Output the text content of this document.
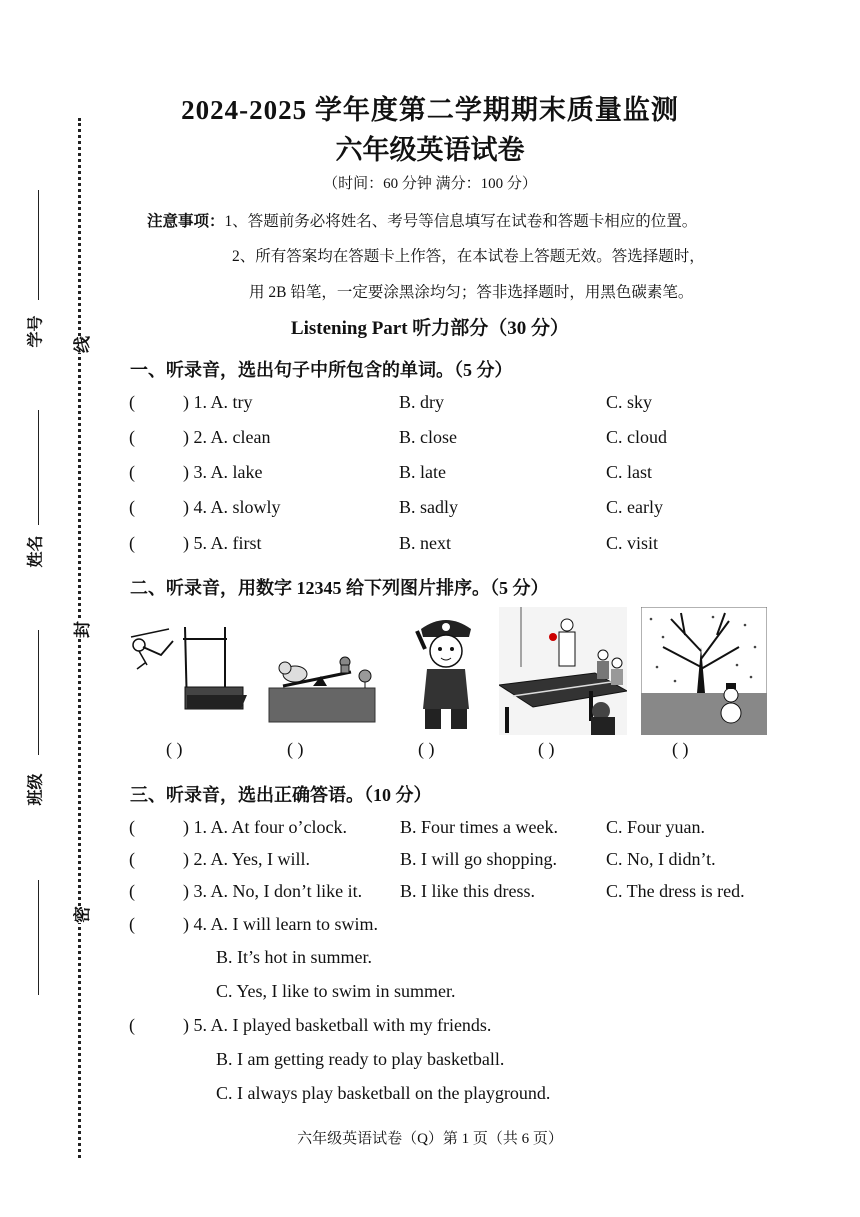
线
封
密
学号
姓名
班级
2024-2025 学年度第二学期期末质量监测
六年级英语试卷
（时间：60 分钟 满分：100 分）
注意事项：1、答题前务必将姓名、考号等信息填写在试卷和答题卡相应的位置。
2、所有答案均在答题卡上作答，在本试卷上答题无效。答选择题时，
用 2B 铅笔，一定要涂黑涂均匀；答非选择题时，用黑色碳素笔。
Listening Part 听力部分（30 分）
一、听录音，选出句子中所包含的单词。（5 分）
(	) 1. A. try	B. dry	C. sky
(	) 2. A. clean	B. close	C. cloud
(	) 3. A. lake	B. late	C. last
(	) 4. A. slowly	B. sadly	C. early
(	) 5. A. first	B. next	C. visit
二、听录音，用数字 12345 给下列图片排序。（5 分）
( )	( )	( )	( )	( )
三、听录音，选出正确答语。（10 分）
(	) 1. A. At four o’clock.	B. Four times a week.	C. Four yuan.
(	) 2. A. Yes, I will.	B. I will go shopping.	C. No, I didn’t.
(	) 3. A. No, I don’t like it. B. I like this dress.	C. The dress is red.
(	) 4. A. I will learn to swim.
B. It’s hot in summer.
C. Yes, I like to swim in summer.
(	) 5. A. I played basketball with my friends.
B. I am getting ready to play basketball.
C. I always play basketball on the playground.
六年级英语试卷（Q）第 1 页（共 6 页）
